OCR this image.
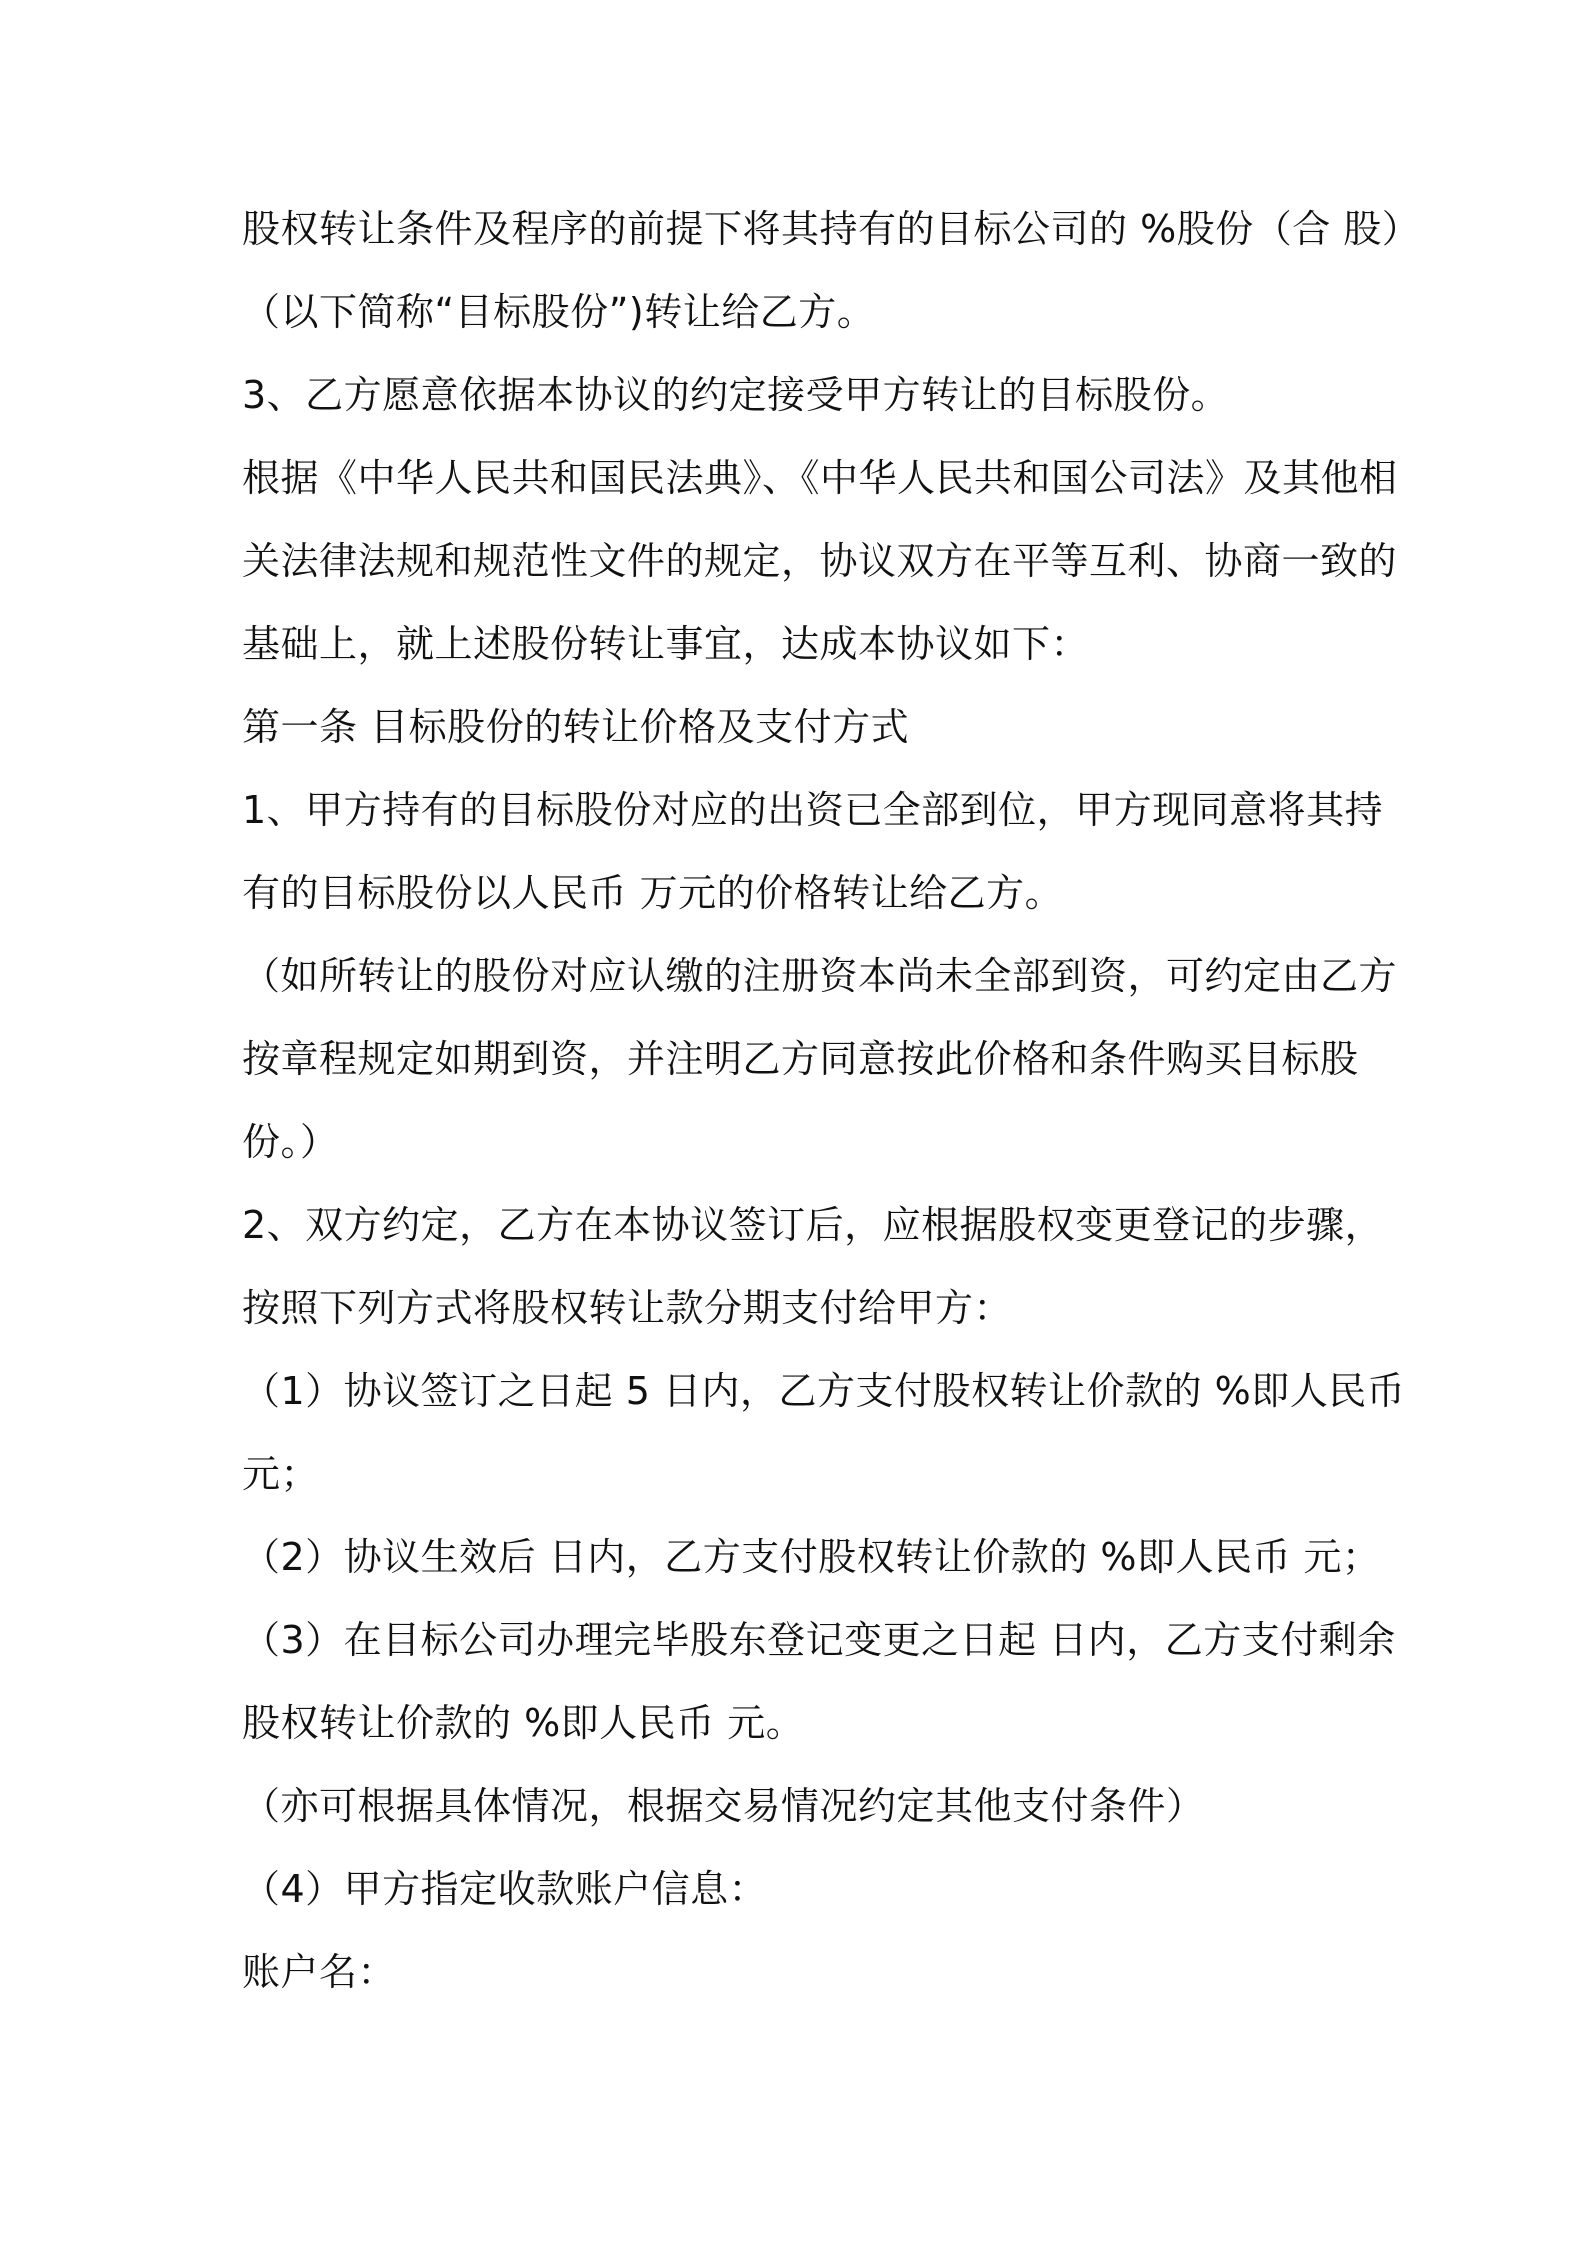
股权转让条件及程序的前提下将其持有的目标公司的 %股份（合 股）
（以下简称“目标股份”)转让给乙方。
3、乙方愿意依据本协议的约定接受甲方转让的目标股份。
根据《中华人民共和国民法典》、《中华人民共和国公司法》及其他相
关法律法规和规范性文件的规定，协议双方在平等互利、协商一致的
基础上，就上述股份转让事宜，达成本协议如下：
第一条 目标股份的转让价格及支付方式
1、甲方持有的目标股份对应的出资已全部到位，甲方现同意将其持
有的目标股份以人民币 万元的价格转让给乙方。
（如所转让的股份对应认缴的注册资本尚未全部到资，可约定由乙方
按章程规定如期到资，并注明乙方同意按此价格和条件购买目标股
份。）
2、双方约定，乙方在本协议签订后，应根据股权变更登记的步骤，
按照下列方式将股权转让款分期支付给甲方：
（1）协议签订之日起 5 日内，乙方支付股权转让价款的 %即人民币
元；
（2）协议生效后 日内，乙方支付股权转让价款的 %即人民币 元；
（3）在目标公司办理完毕股东登记变更之日起 日内，乙方支付剩余
股权转让价款的 %即人民币 元。
（亦可根据具体情况，根据交易情况约定其他支付条件）
（4）甲方指定收款账户信息：
账户名：
